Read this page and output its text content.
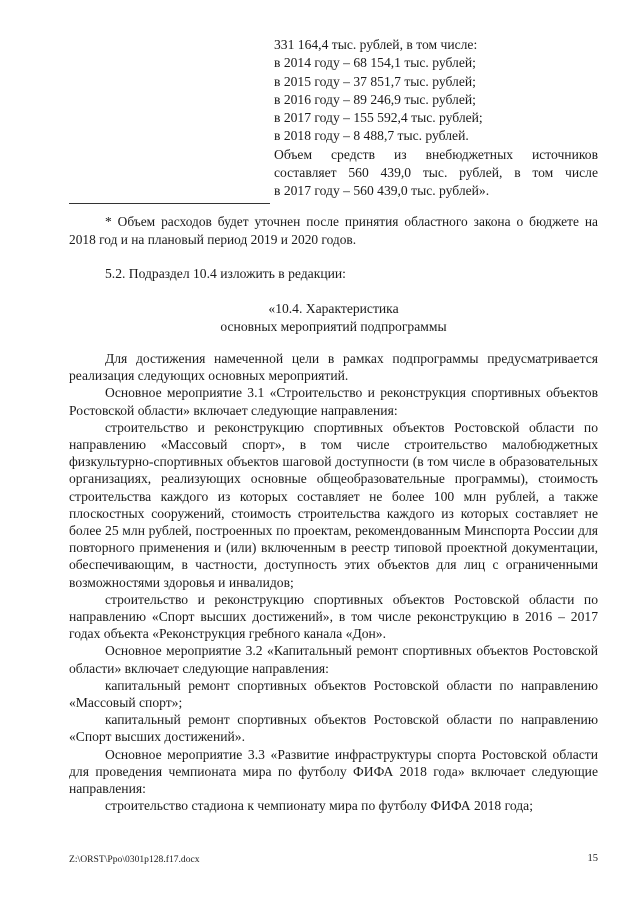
331 164,4 тыс. рублей, в том числе:
в 2014 году – 68 154,1 тыс. рублей;
в 2015 году – 37 851,7 тыс. рублей;
в 2016 году – 89 246,9 тыс. рублей;
в 2017 году – 155 592,4 тыс. рублей;
в 2018 году – 8 488,7 тыс. рублей.
Объем средств из внебюджетных источников
составляет 560 439,0 тыс. рублей, в том числе
в 2017 году – 560 439,0 тыс. рублей».

* Объем расходов будет уточнен после принятия областного закона о бюджете на 2018 год и на плановый период 2019 и 2020 годов.

5.2. Подраздел 10.4 изложить в редакции:

«10.4. Характеристика
основных мероприятий подпрограммы

Для достижения намеченной цели в рамках подпрограммы предусматривается реализация следующих основных мероприятий.

Основное мероприятие 3.1 «Строительство и реконструкция спортивных объектов Ростовской области» включает следующие направления:

строительство и реконструкцию спортивных объектов Ростовской области по направлению «Массовый спорт», в том числе строительство малобюджетных физкультурно-спортивных объектов шаговой доступности (в том числе в образовательных организациях, реализующих основные общеобразовательные программы), стоимость строительства каждого из которых составляет не более 100 млн рублей, а также плоскостных сооружений, стоимость строительства каждого из которых составляет не более 25 млн рублей, построенных по проектам, рекомендованным Минспорта России для повторного применения и (или) включенным в реестр типовой проектной документации, обеспечивающим, в частности, доступность этих объектов для лиц с ограниченными возможностями здоровья и инвалидов;

строительство и реконструкцию спортивных объектов Ростовской области по направлению «Спорт высших достижений», в том числе реконструкцию в 2016 – 2017 годах объекта «Реконструкция гребного канала «Дон».

Основное мероприятие 3.2 «Капитальный ремонт спортивных объектов Ростовской области» включает следующие направления:

капитальный ремонт спортивных объектов Ростовской области по направлению «Массовый спорт»;

капитальный ремонт спортивных объектов Ростовской области по направлению «Спорт высших достижений».

Основное мероприятие 3.3 «Развитие инфраструктуры спорта Ростовской области для проведения чемпионата мира по футболу ФИФА 2018 года» включает следующие направления:

строительство стадиона к чемпионату мира по футболу ФИФА 2018 года;

Z:\ORST\Ppo\0301p128.f17.docx	15
